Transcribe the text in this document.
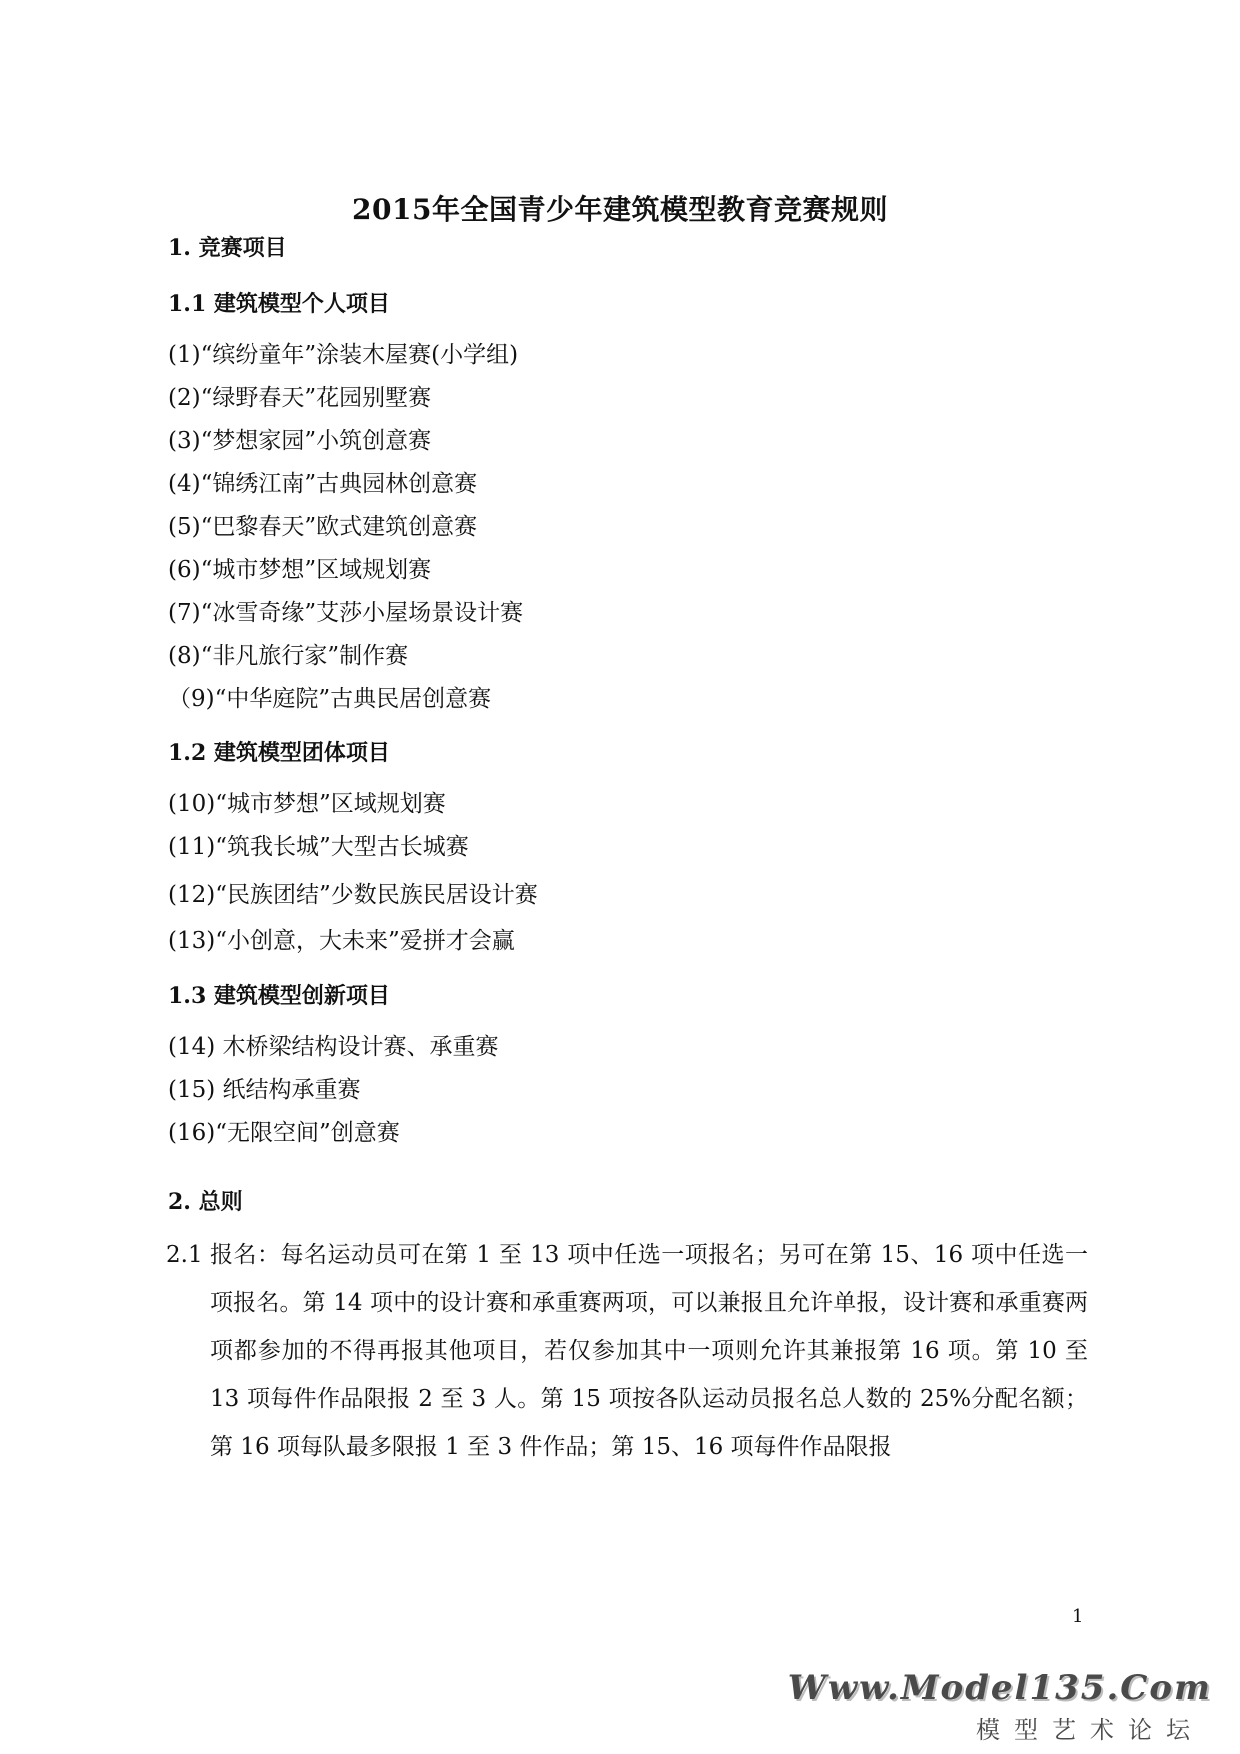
2015年全国青少年建筑模型教育竞赛规则
1. 竞赛项目
1.1 建筑模型个人项目
(1)“缤纷童年”涂装木屋赛(小学组)
(2)“绿野春天”花园别墅赛
(3)“梦想家园”小筑创意赛
(4)“锦绣江南”古典园林创意赛
(5)“巴黎春天”欧式建筑创意赛
(6)“城市梦想”区域规划赛
(7)“冰雪奇缘”艾莎小屋场景设计赛
(8)“非凡旅行家”制作赛
（9)“中华庭院”古典民居创意赛
1.2 建筑模型团体项目
(10)“城市梦想”区域规划赛
(11)“筑我长城”大型古长城赛
(12)“民族团结”少数民族民居设计赛
(13)“小创意，大未来”爱拼才会赢
1.3 建筑模型创新项目
(14) 木桥梁结构设计赛、承重赛
(15) 纸结构承重赛
(16)“无限空间”创意赛
2. 总则
2.1 报名：每名运动员可在第 1 至 13 项中任选一项报名；另可在第 15、16 项中任选一项报名。第 14 项中的设计赛和承重赛两项，可以兼报且允许单报，设计赛和承重赛两项都参加的不得再报其他项目，若仅参加其中一项则允许其兼报第 16 项。第 10 至 13 项每件作品限报 2 至 3 人。第 15 项按各队运动员报名总人数的 25%分配名额；第 16 项每队最多限报 1 至 3 件作品；第 15、16 项每件作品限报
1
Www.Model135.Com
模型艺术论坛
